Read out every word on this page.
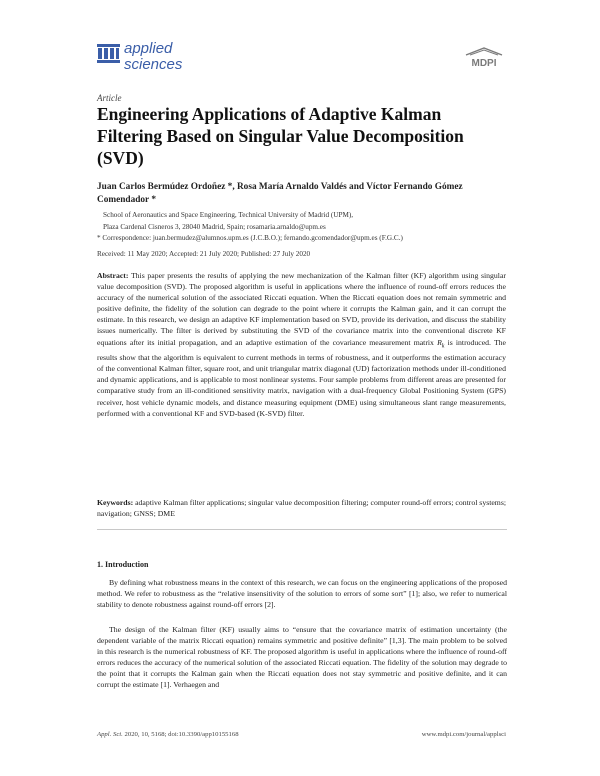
applied
sciences	MDPI
Article
Engineering Applications of Adaptive Kalman Filtering Based on Singular Value Decomposition (SVD)

Juan Carlos Bermúdez Ordoñez *, Rosa María Arnaldo Valdés and Víctor Fernando Gómez Comendador *

School of Aeronautics and Space Engineering, Technical University of Madrid (UPM),
Plaza Cardenal Cisneros 3, 28040 Madrid, Spain; rosamaria.arnaldo@upm.es
* Correspondence: juan.bermudez@alumnos.upm.es (J.C.B.O.); fernando.gcomendador@upm.es (F.G.C.)
Received: 11 May 2020; Accepted: 21 July 2020; Published: 27 July 2020

Abstract: This paper presents the results of applying the new mechanization of the Kalman filter (KF) algorithm using singular value decomposition (SVD). The proposed algorithm is useful in applications where the influence of round-off errors reduces the accuracy of the numerical solution of the associated Riccati equation. When the Riccati equation does not remain symmetric and positive definite, the fidelity of the solution can degrade to the point where it corrupts the Kalman gain, and it can corrupt the estimate. In this research, we design an adaptive KF implementation based on SVD, provide its derivation, and discuss the stability issues numerically. The filter is derived by substituting the SVD of the covariance matrix into the conventional discrete KF equations after its initial propagation, and an adaptive estimation of the covariance measurement matrix $R_k$ is introduced. The results show that the algorithm is equivalent to current methods in terms of robustness, and it outperforms the estimation accuracy of the conventional Kalman filter, square root, and unit triangular matrix diagonal (UD) factorization methods under ill-conditioned and dynamic applications, and is applicable to most nonlinear systems. Four sample problems from different areas are presented for comparative study from an ill-conditioned sensitivity matrix, navigation with a dual-frequency Global Positioning System (GPS) receiver, host vehicle dynamic models, and distance measuring equipment (DME) using simultaneous slant range measurements, performed with a conventional KF and SVD-based (K-SVD) filter.

Keywords: adaptive Kalman filter applications; singular value decomposition filtering; computer round-off errors; control systems; navigation; GNSS; DME

1. Introduction

By defining what robustness means in the context of this research, we can focus on the engineering applications of the proposed method. We refer to robustness as the “relative insensitivity of the solution to errors of some sort” [1]; also, we refer to numerical stability to denote robustness against round-off errors [2].

The design of the Kalman filter (KF) usually aims to “ensure that the covariance matrix of estimation uncertainty (the dependent variable of the matrix Riccati equation) remains symmetric and positive definite” [1,3]. The main problem to be solved in this research is the numerical robustness of KF. The proposed algorithm is useful in applications where the influence of round-off errors reduces the accuracy of the numerical solution of the associated Riccati equation. The fidelity of the solution may degrade to the point that it corrupts the Kalman gain when the Riccati equation does not stay symmetric and positive definite, and it can corrupt the estimate [1]. Verhaegen and

Appl. Sci. 2020, 10, 5168; doi:10.3390/app10155168	www.mdpi.com/journal/applsci
